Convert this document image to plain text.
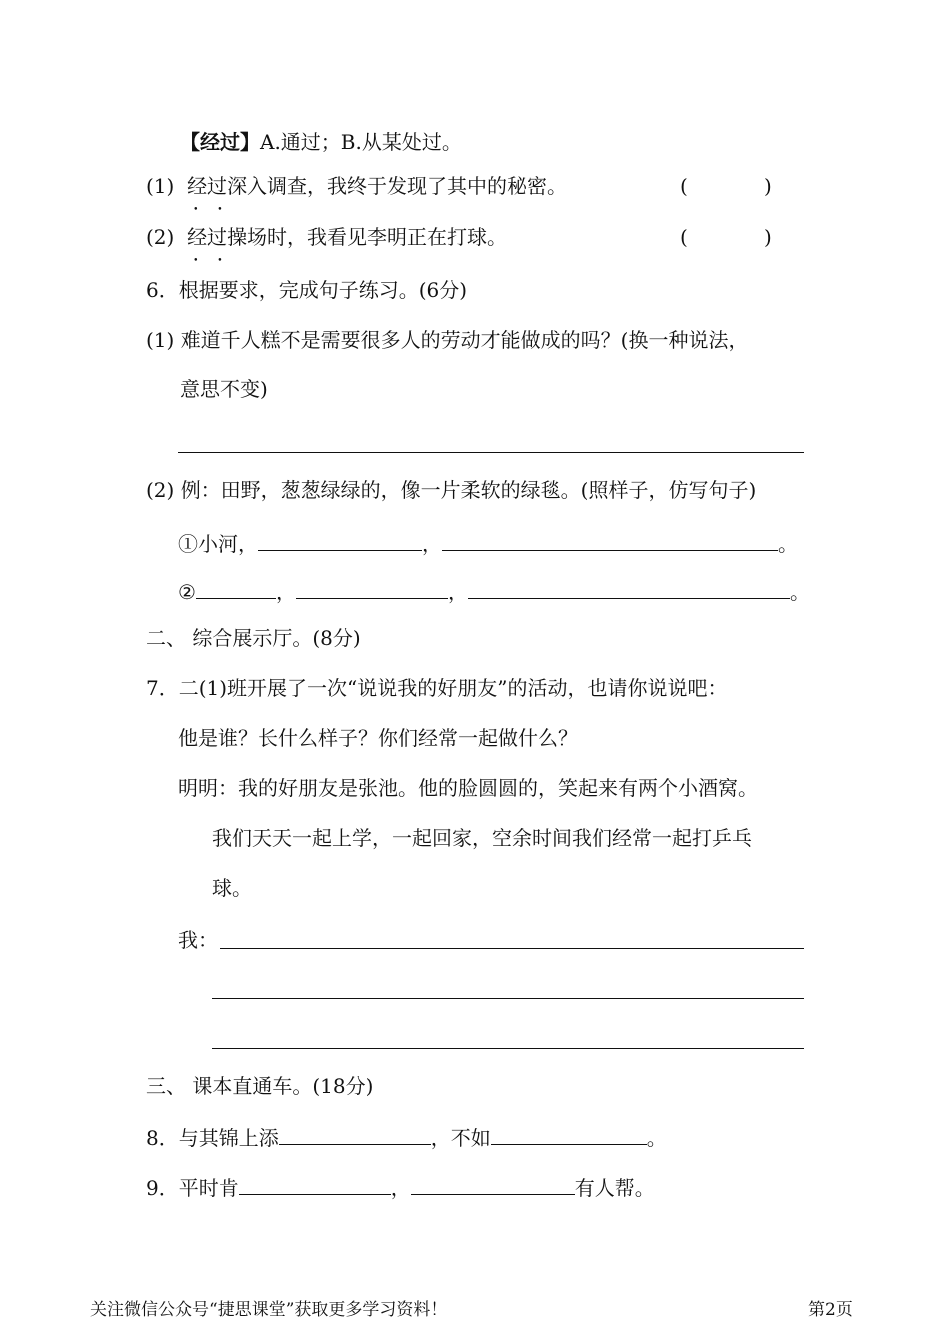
【经过】A.通过；B.从某处过。
(1) 经过 • •深入调查，我终于发现了其中的秘密。	(	)
(2) 经过 • •操场时，我看见李明正在打球。	(	)
6．根据要求，完成句子练习。(6分)
(1) 难道千人糕不是需要很多人的劳动才能做成的吗？(换一种说法，
意思不变)
(2) 例：田野，葱葱绿绿的，像一片柔软的绿毯。(照样子，仿写句子)
①小河，	，	。
②	，	，	。
二、 综合展示厅。(8分)
7．二(1)班开展了一次“说说我的好朋友”的活动，也请你说说吧：
他是谁？长什么样子？你们经常一起做什么？
明明：我的好朋友是张池。他的脸圆圆的，笑起来有两个小酒窝。
我们天天一起上学，一起回家，空余时间我们经常一起打乒乓
球。
我：
三、 课本直通车。(18分)
8．与其锦上添	，不如	。
9．平时肯	，	有人帮。
关注微信公众号“捷思课堂”获取更多学习资料！	第2页
